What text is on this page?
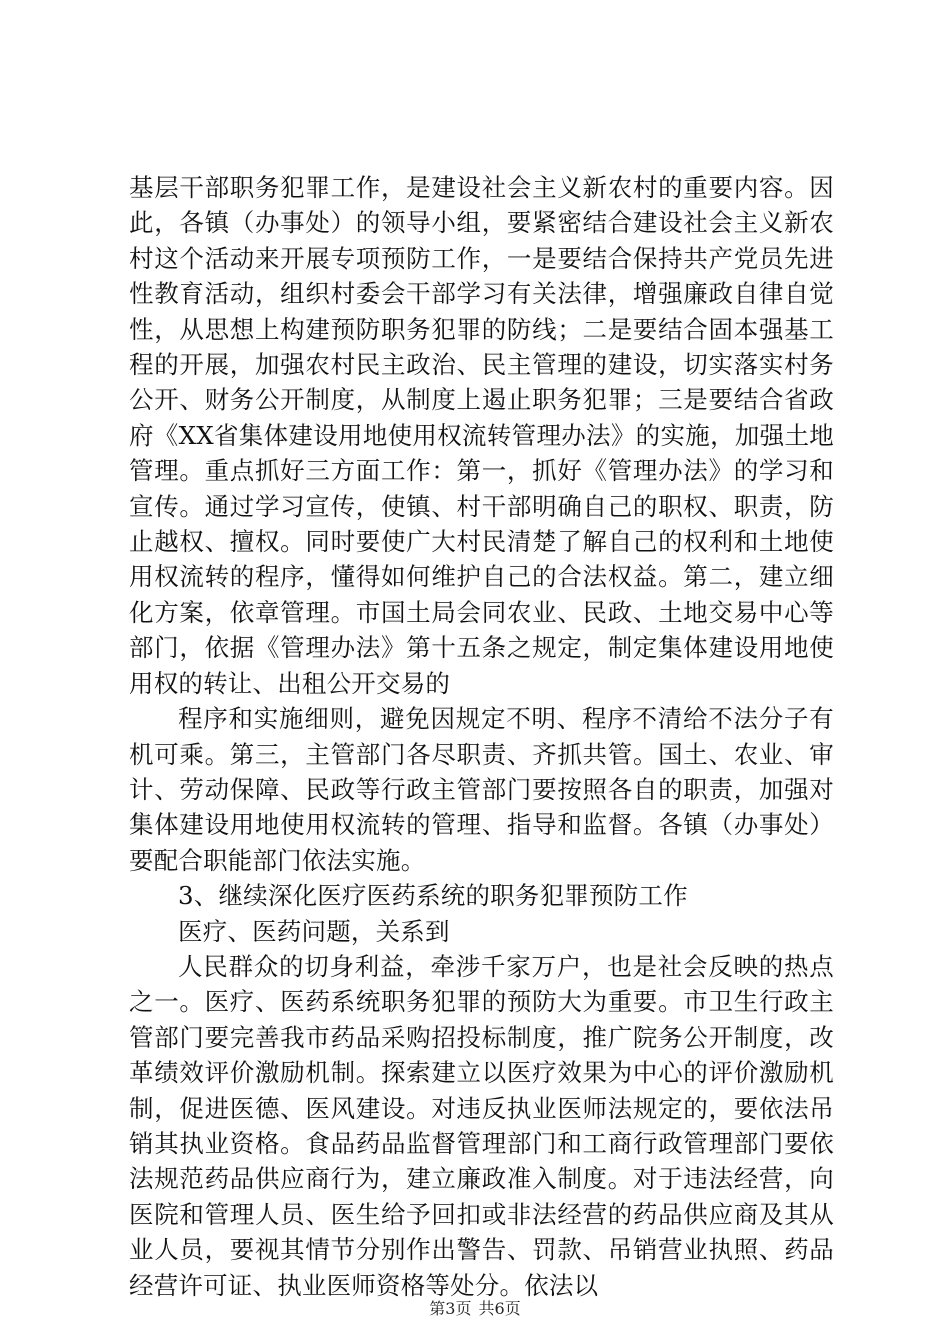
基层干部职务犯罪工作，是建设社会主义新农村的重要内容。因此，各镇（办事处）的领导小组，要紧密结合建设社会主义新农村这个活动来开展专项预防工作，一是要结合保持共产党员先进性教育活动，组织村委会干部学习有关法律，增强廉政自律自觉性，从思想上构建预防职务犯罪的防线；二是要结合固本强基工程的开展，加强农村民主政治、民主管理的建设，切实落实村务公开、财务公开制度，从制度上遏止职务犯罪；三是要结合省政府《XX省集体建设用地使用权流转管理办法》的实施，加强土地管理。重点抓好三方面工作：第一，抓好《管理办法》的学习和宣传。通过学习宣传，使镇、村干部明确自己的职权、职责，防止越权、擅权。同时要使广大村民清楚了解自己的权利和土地使用权流转的程序，懂得如何维护自己的合法权益。第二，建立细化方案，依章管理。市国土局会同农业、民政、土地交易中心等部门，依据《管理办法》第十五条之规定，制定集体建设用地使用权的转让、出租公开交易的

程序和实施细则，避免因规定不明、程序不清给不法分子有机可乘。第三，主管部门各尽职责、齐抓共管。国土、农业、审计、劳动保障、民政等行政主管部门要按照各自的职责，加强对集体建设用地使用权流转的管理、指导和监督。各镇（办事处）要配合职能部门依法实施。

3、继续深化医疗医药系统的职务犯罪预防工作

医疗、医药问题，关系到

人民群众的切身利益，牵涉千家万户，也是社会反映的热点之一。医疗、医药系统职务犯罪的预防大为重要。市卫生行政主管部门要完善我市药品采购招投标制度，推广院务公开制度，改革绩效评价激励机制。探索建立以医疗效果为中心的评价激励机制，促进医德、医风建设。对违反执业医师法规定的，要依法吊销其执业资格。食品药品监督管理部门和工商行政管理部门要依法规范药品供应商行为，建立廉政准入制度。对于违法经营，向医院和管理人员、医生给予回扣或非法经营的药品供应商及其从业人员，要视其情节分别作出警告、罚款、吊销营业执照、药品经营许可证、执业医师资格等处分。依法以

第3页 共6页
